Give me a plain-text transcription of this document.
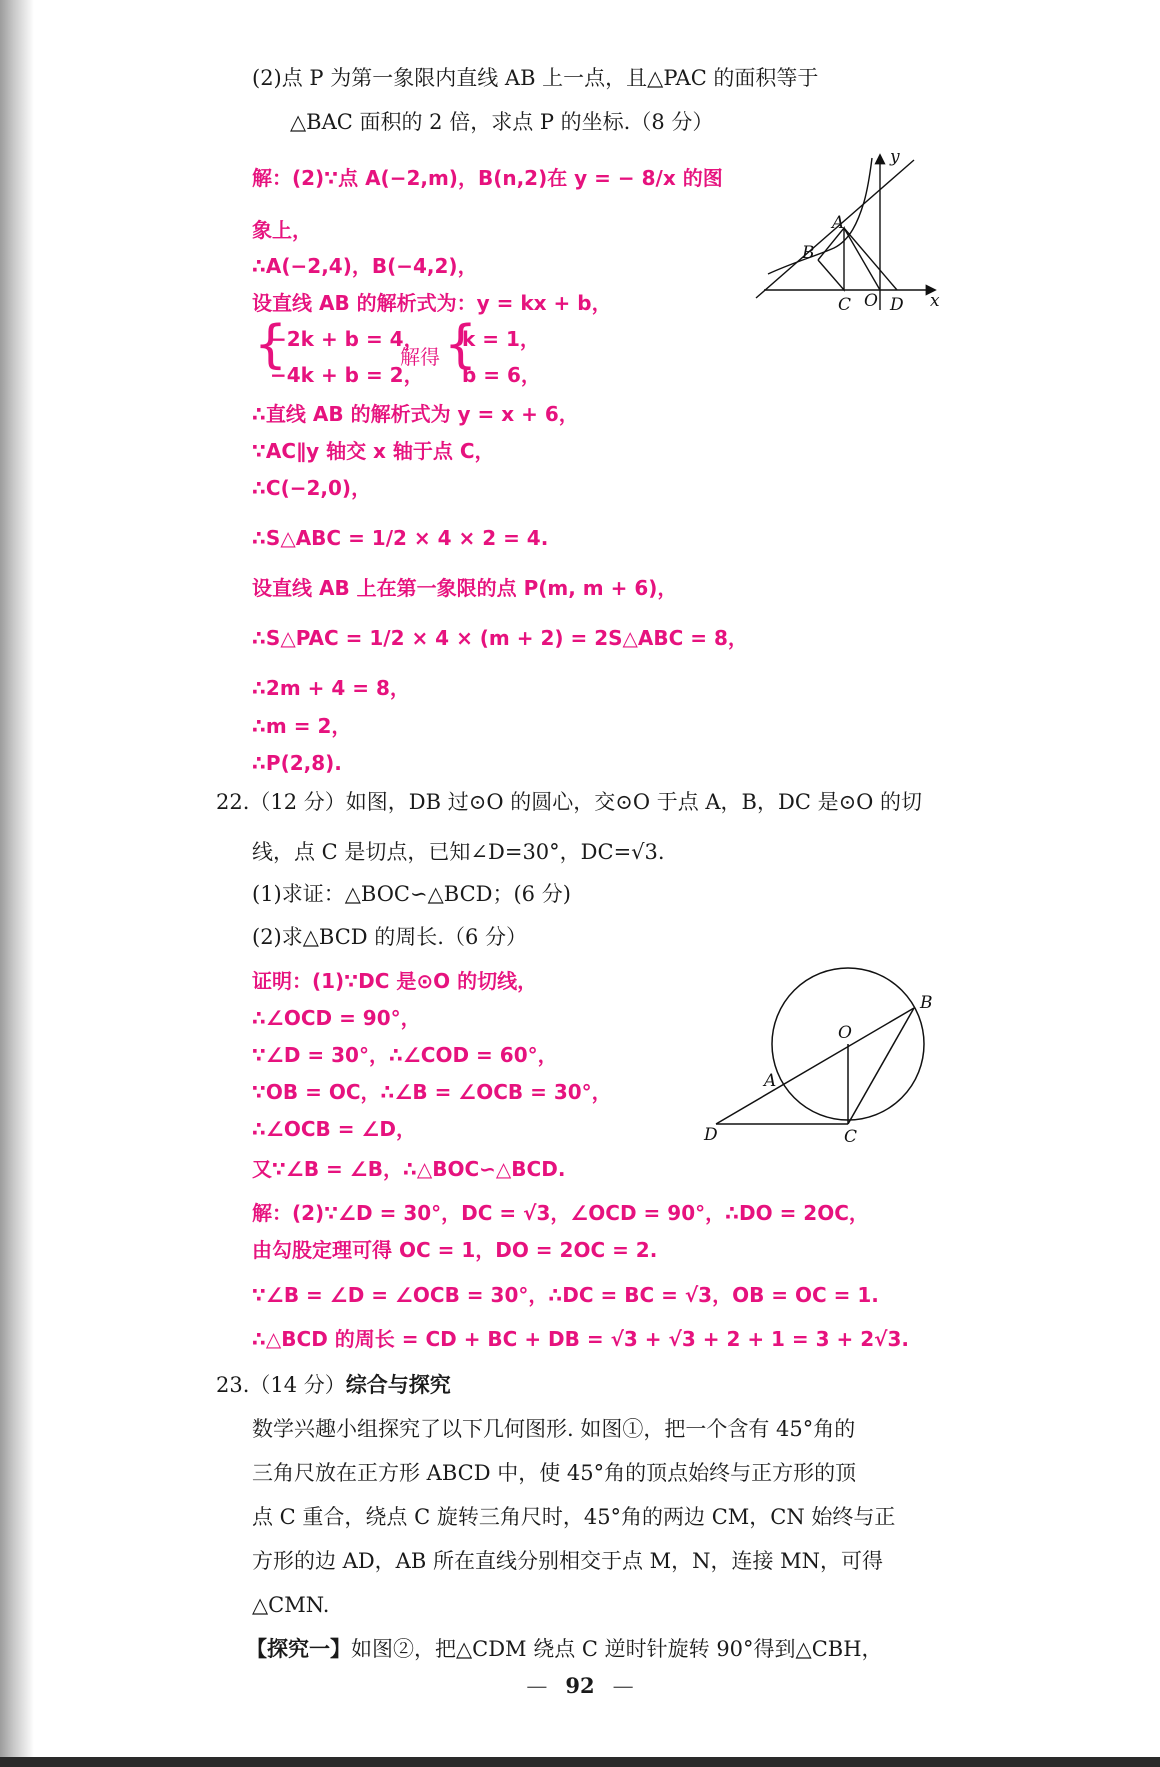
(2)点 P 为第一象限内直线 AB 上一点，且△PAC 的面积等于
△BAC 面积的 2 倍，求点 P 的坐标.（8 分）
解：(2)∵点 A(−2,m)，B(n,2)在 y = − 8/x 的图
象上，
∴A(−2,4)，B(−4,2)，
设直线 AB 的解析式为：y = kx + b，
{
−2k + b = 4，
−4k + b = 2，
解得 {
k = 1，
b = 6，
∴直线 AB 的解析式为 y = x + 6，
∵AC∥y 轴交 x 轴于点 C，
∴C(−2,0)，
∴S△ABC = 1/2 × 4 × 2 = 4.
设直线 AB 上在第一象限的点 P(m, m + 6)，
∴S△PAC = 1/2 × 4 × (m + 2) = 2S△ABC = 8，
∴2m + 4 = 8，
∴m = 2，
∴P(2,8).
y
x
A
B
C O D
22.（12 分）如图，DB 过⊙O 的圆心，交⊙O 于点 A，B，DC 是⊙O 的切
线，点 C 是切点，已知∠D=30°，DC=√3.
(1)求证：△BOC∽△BCD；(6 分)
(2)求△BCD 的周长.（6 分）
证明：(1)∵DC 是⊙O 的切线，
∴∠OCD = 90°，
∵∠D = 30°，∴∠COD = 60°，
∵OB = OC，∴∠B = ∠OCB = 30°，
∴∠OCB = ∠D，
又∵∠B = ∠B，∴△BOC∽△BCD.
解：(2)∵∠D = 30°，DC = √3，∠OCD = 90°，∴DO = 2OC，
由勾股定理可得 OC = 1，DO = 2OC = 2.
∵∠B = ∠D = ∠OCB = 30°，∴DC = BC = √3，OB = OC = 1.
∴△BCD 的周长 = CD + BC + DB = √3 + √3 + 2 + 1 = 3 + 2√3.
B
O
A
D	C
23.（14 分）综合与探究
数学兴趣小组探究了以下几何图形. 如图①，把一个含有 45°角的
三角尺放在正方形 ABCD 中，使 45°角的顶点始终与正方形的顶
点 C 重合，绕点 C 旋转三角尺时，45°角的两边 CM，CN 始终与正
方形的边 AD，AB 所在直线分别相交于点 M，N，连接 MN，可得
△CMN.
【探究一】如图②，把△CDM 绕点 C 逆时针旋转 90°得到△CBH，
— 92 —
